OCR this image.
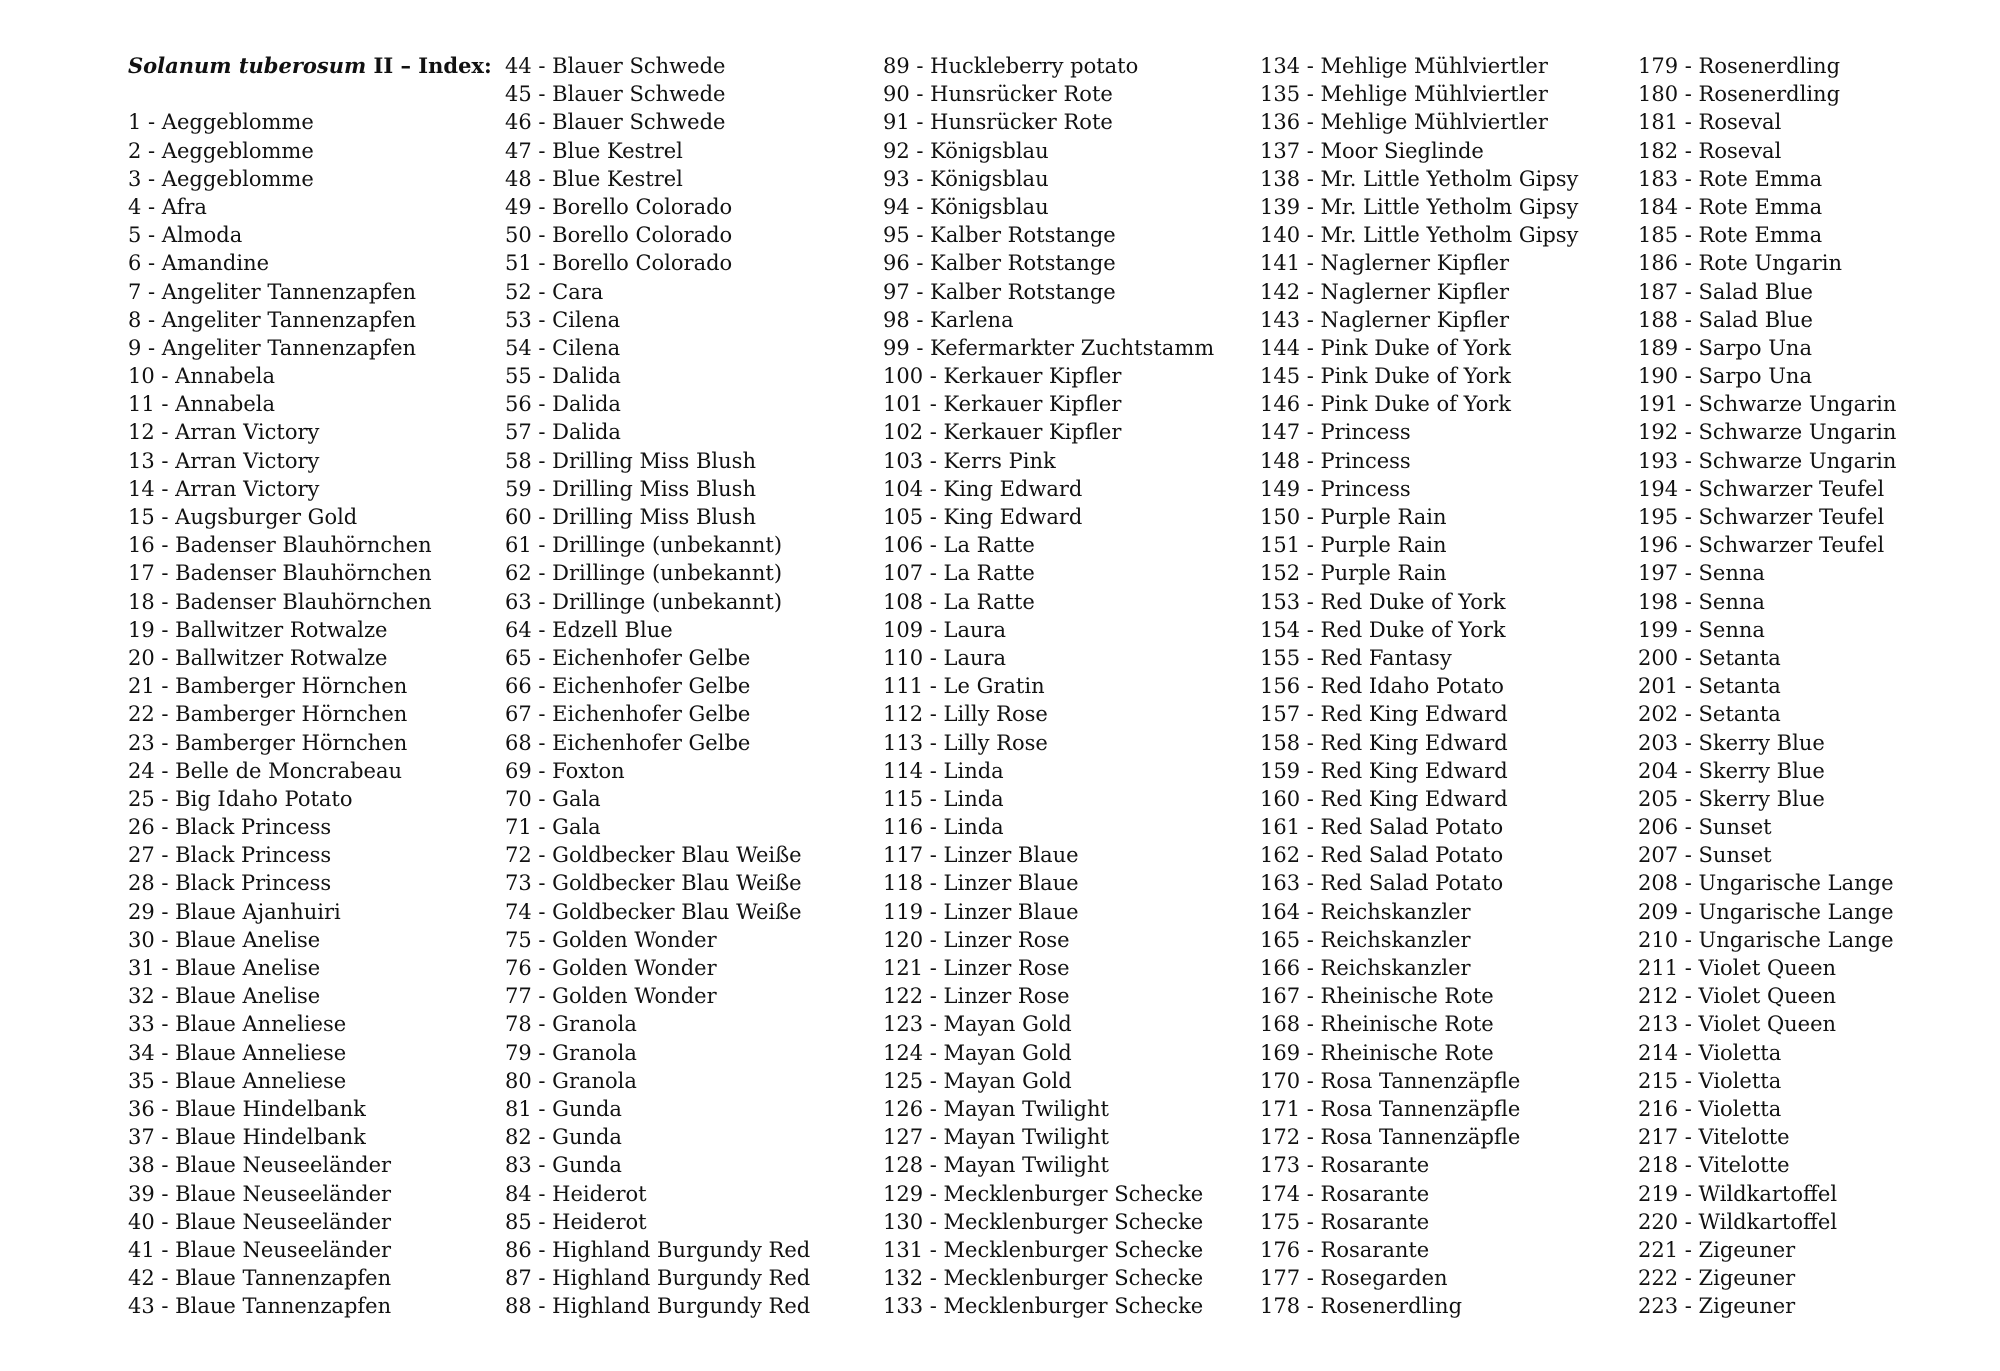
Solanum tuberosum II – Index:
1 - Aeggeblomme
2 - Aeggeblomme
3 - Aeggeblomme
4 - Afra
5 - Almoda
6 - Amandine
7 - Angeliter Tannenzapfen
8 - Angeliter Tannenzapfen
9 - Angeliter Tannenzapfen
10 - Annabela
11 - Annabela
12 - Arran Victory
13 - Arran Victory
14 - Arran Victory
15 - Augsburger Gold
16 - Badenser Blauhörnchen
17 - Badenser Blauhörnchen
18 - Badenser Blauhörnchen
19 - Ballwitzer Rotwalze
20 - Ballwitzer Rotwalze
21 - Bamberger Hörnchen
22 - Bamberger Hörnchen
23 - Bamberger Hörnchen
24 - Belle de Moncrabeau
25 - Big Idaho Potato
26 - Black Princess
27 - Black Princess
28 - Black Princess
29 - Blaue Ajanhuiri
30 - Blaue Anelise
31 - Blaue Anelise
32 - Blaue Anelise
33 - Blaue Anneliese
34 - Blaue Anneliese
35 - Blaue Anneliese
36 - Blaue Hindelbank
37 - Blaue Hindelbank
38 - Blaue Neuseeländer
39 - Blaue Neuseeländer
40 - Blaue Neuseeländer
41 - Blaue Neuseeländer
42 - Blaue Tannenzapfen
43 - Blaue Tannenzapfen
44 - Blauer Schwede
45 - Blauer Schwede
46 - Blauer Schwede
47 - Blue Kestrel
48 - Blue Kestrel
49 - Borello Colorado
50 - Borello Colorado
51 - Borello Colorado
52 - Cara
53 - Cilena
54 - Cilena
55 - Dalida
56 - Dalida
57 - Dalida
58 - Drilling Miss Blush
59 - Drilling Miss Blush
60 - Drilling Miss Blush
61 - Drillinge (unbekannt)
62 - Drillinge (unbekannt)
63 - Drillinge (unbekannt)
64 - Edzell Blue
65 - Eichenhofer Gelbe
66 - Eichenhofer Gelbe
67 - Eichenhofer Gelbe
68 - Eichenhofer Gelbe
69 - Foxton
70 - Gala
71 - Gala
72 - Goldbecker Blau Weiße
73 - Goldbecker Blau Weiße
74 - Goldbecker Blau Weiße
75 - Golden Wonder
76 - Golden Wonder
77 - Golden Wonder
78 - Granola
79 - Granola
80 - Granola
81 - Gunda
82 - Gunda
83 - Gunda
84 - Heiderot
85 - Heiderot
86 - Highland Burgundy Red
87 - Highland Burgundy Red
88 - Highland Burgundy Red
89 - Huckleberry potato
90 - Hunsrücker Rote
91 - Hunsrücker Rote
92 - Königsblau
93 - Königsblau
94 - Königsblau
95 - Kalber Rotstange
96 - Kalber Rotstange
97 - Kalber Rotstange
98 - Karlena
99 - Kefermarkter Zuchtstamm
100 - Kerkauer Kipfler
101 - Kerkauer Kipfler
102 - Kerkauer Kipfler
103 - Kerrs Pink
104 - King Edward
105 - King Edward
106 - La Ratte
107 - La Ratte
108 - La Ratte
109 - Laura
110 - Laura
111 - Le Gratin
112 - Lilly Rose
113 - Lilly Rose
114 - Linda
115 - Linda
116 - Linda
117 - Linzer Blaue
118 - Linzer Blaue
119 - Linzer Blaue
120 - Linzer Rose
121 - Linzer Rose
122 - Linzer Rose
123 - Mayan Gold
124 - Mayan Gold
125 - Mayan Gold
126 - Mayan Twilight
127 - Mayan Twilight
128 - Mayan Twilight
129 - Mecklenburger Schecke
130 - Mecklenburger Schecke
131 - Mecklenburger Schecke
132 - Mecklenburger Schecke
133 - Mecklenburger Schecke
134 - Mehlige Mühlviertler
135 - Mehlige Mühlviertler
136 - Mehlige Mühlviertler
137 - Moor Sieglinde
138 - Mr. Little Yetholm Gipsy
139 - Mr. Little Yetholm Gipsy
140 - Mr. Little Yetholm Gipsy
141 - Naglerner Kipfler
142 - Naglerner Kipfler
143 - Naglerner Kipfler
144 - Pink Duke of York
145 - Pink Duke of York
146 - Pink Duke of York
147 - Princess
148 - Princess
149 - Princess
150 - Purple Rain
151 - Purple Rain
152 - Purple Rain
153 - Red Duke of York
154 - Red Duke of York
155 - Red Fantasy
156 - Red Idaho Potato
157 - Red King Edward
158 - Red King Edward
159 - Red King Edward
160 - Red King Edward
161 - Red Salad Potato
162 - Red Salad Potato
163 - Red Salad Potato
164 - Reichskanzler
165 - Reichskanzler
166 - Reichskanzler
167 - Rheinische Rote
168 - Rheinische Rote
169 - Rheinische Rote
170 - Rosa Tannenzäpfle
171 - Rosa Tannenzäpfle
172 - Rosa Tannenzäpfle
173 - Rosarante
174 - Rosarante
175 - Rosarante
176 - Rosarante
177 - Rosegarden
178 - Rosenerdling
179 - Rosenerdling
180 - Rosenerdling
181 - Roseval
182 - Roseval
183 - Rote Emma
184 - Rote Emma
185 - Rote Emma
186 - Rote Ungarin
187 - Salad Blue
188 - Salad Blue
189 - Sarpo Una
190 - Sarpo Una
191 - Schwarze Ungarin
192 - Schwarze Ungarin
193 - Schwarze Ungarin
194 - Schwarzer Teufel
195 - Schwarzer Teufel
196 - Schwarzer Teufel
197 - Senna
198 - Senna
199 - Senna
200 - Setanta
201 - Setanta
202 - Setanta
203 - Skerry Blue
204 - Skerry Blue
205 - Skerry Blue
206 - Sunset
207 - Sunset
208 - Ungarische Lange
209 - Ungarische Lange
210 - Ungarische Lange
211 - Violet Queen
212 - Violet Queen
213 - Violet Queen
214 - Violetta
215 - Violetta
216 - Violetta
217 - Vitelotte
218 - Vitelotte
219 - Wildkartoffel
220 - Wildkartoffel
221 - Zigeuner
222 - Zigeuner
223 - Zigeuner
